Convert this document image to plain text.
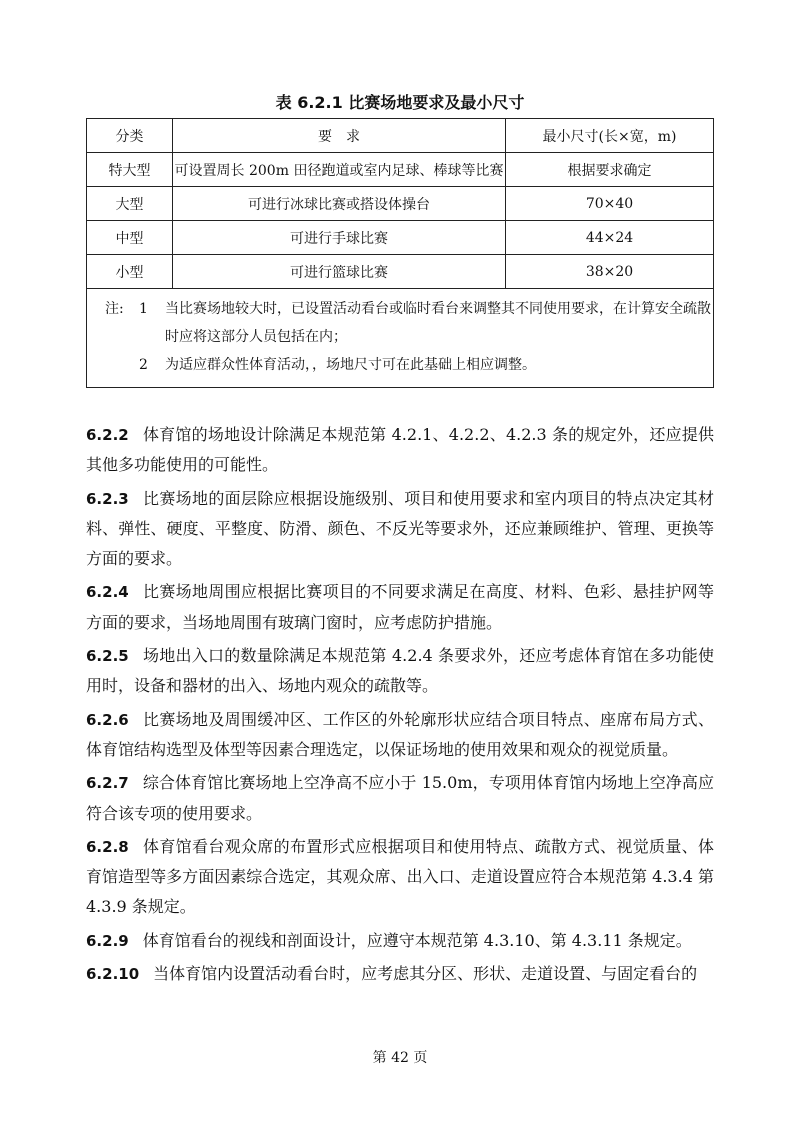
表 6.2.1 比赛场地要求及最小尺寸
分类	要　求	最小尺寸(长×宽，m)
特大型	可设置周长 200m 田径跑道或室内足球、棒球等比赛	根据要求确定
大型	可进行冰球比赛或搭设体操台	70×40
中型	可进行手球比赛	44×24
小型	可进行篮球比赛	38×20

注: 1 当比赛场地较大时，已设置活动看台或临时看台来调整其不同使用要求，在计算安全疏散
时应将这部分人员包括在内；
2 为适应群众性体育活动，，场地尺寸可在此基础上相应调整。		

6.2.2 体育馆的场地设计除满足本规范第 4.2.1、4.2.2、4.2.3 条的规定外，还应提供其他多功能使用的可能性。

6.2.3 比赛场地的面层除应根据设施级别、项目和使用要求和室内项目的特点决定其材料、弹性、硬度、平整度、防滑、颜色、不反光等要求外，还应兼顾维护、管理、更换等方面的要求。

6.2.4 比赛场地周围应根据比赛项目的不同要求满足在高度、材料、色彩、悬挂护网等方面的要求，当场地周围有玻璃门窗时，应考虑防护措施。

6.2.5 场地出入口的数量除满足本规范第 4.2.4 条要求外，还应考虑体育馆在多功能使用时，设备和器材的出入、场地内观众的疏散等。

6.2.6 比赛场地及周围缓冲区、工作区的外轮廓形状应结合项目特点、座席布局方式、体育馆结构选型及体型等因素合理选定，以保证场地的使用效果和观众的视觉质量。

6.2.7 综合体育馆比赛场地上空净高不应小于 15.0m，专项用体育馆内场地上空净高应符合该专项的使用要求。

6.2.8 体育馆看台观众席的布置形式应根据项目和使用特点、疏散方式、视觉质量、体育馆造型等多方面因素综合选定，其观众席、出入口、走道设置应符合本规范第 4.3.4 第 4.3.9 条规定。

6.2.9 体育馆看台的视线和剖面设计，应遵守本规范第 4.3.10、第 4.3.11 条规定。

6.2.10 当体育馆内设置活动看台时，应考虑其分区、形状、走道设置、与固定看台的

第 42 页
